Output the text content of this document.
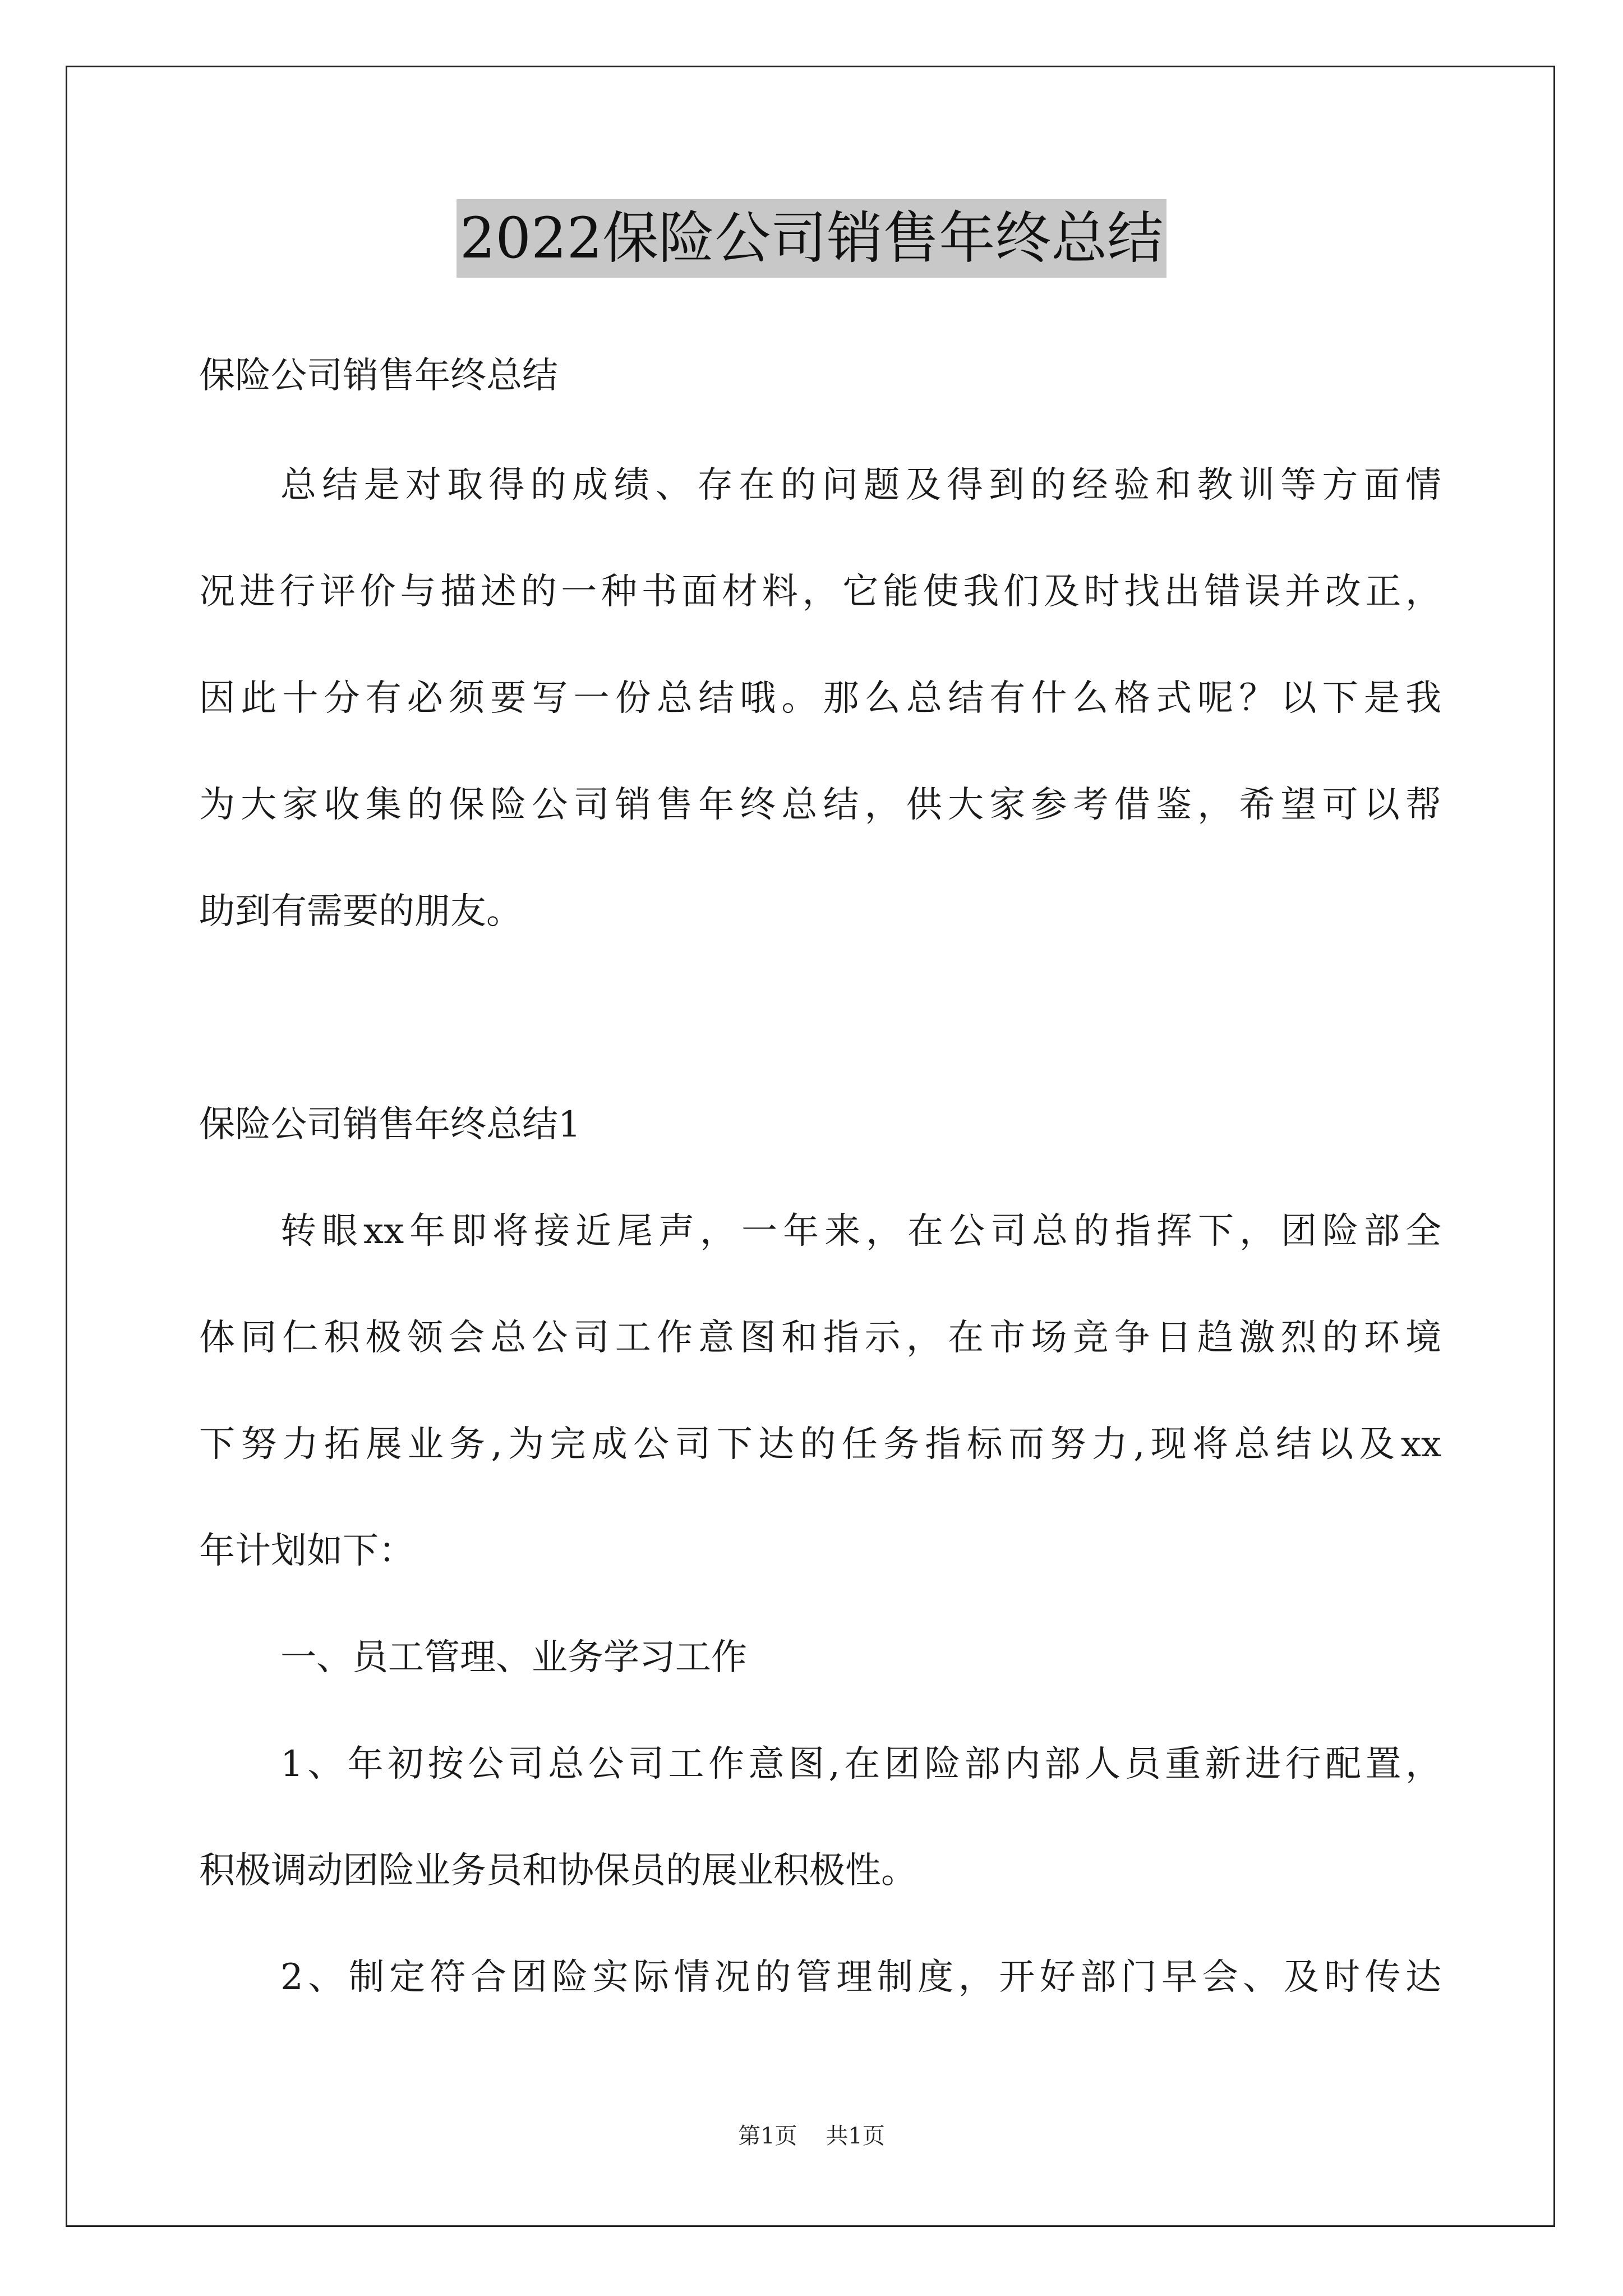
2022保险公司销售年终总结
保险公司销售年终总结
总结是对取得的成绩、存在的问题及得到的经验和教训等方面情
况进行评价与描述的一种书面材料，它能使我们及时找出错误并改正，
因此十分有必须要写一份总结哦。那么总结有什么格式呢？以下是我
为大家收集的保险公司销售年终总结，供大家参考借鉴，希望可以帮
助到有需要的朋友。
保险公司销售年终总结1
转眼xx年即将接近尾声，一年来，在公司总的指挥下，团险部全
体同仁积极领会总公司工作意图和指示，在市场竞争日趋激烈的环境
下努力拓展业务,为完成公司下达的任务指标而努力,现将总结以及xx
年计划如下：
一、员工管理、业务学习工作
1、年初按公司总公司工作意图,在团险部内部人员重新进行配置，
积极调动团险业务员和协保员的展业积极性。
2、制定符合团险实际情况的管理制度，开好部门早会、及时传达
第1页 共1页
